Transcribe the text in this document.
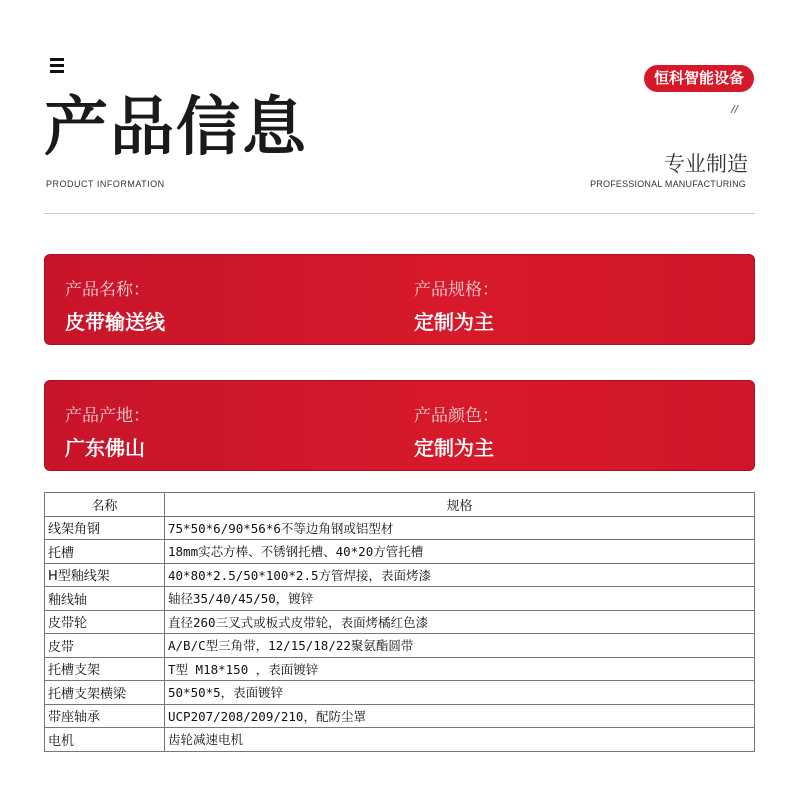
产品信息
PRODUCT INFORMATION
恒科智能设备
//
专业制造
PROFESSIONAL MANUFACTURING
产品名称：
皮带输送线
产品规格：
定制为主
产品产地：
广东佛山
产品颜色：
定制为主
名称	规格
线架角钢	75*50*6/90*56*6不等边角钢或铝型材
托槽	18mm实芯方棒、不锈钢托槽、40*20方管托槽
H型釉线架	40*80*2.5/50*100*2.5方管焊接，表面烤漆
釉线轴	轴径35/40/45/50，镀锌
皮带轮	直径260三叉式或板式皮带轮，表面烤橘红色漆
皮带	A/B/C型三角带，12/15/18/22聚氨酯圆带
托槽支架	T型 M18*150 ，表面镀锌
托槽支架横梁	50*50*5，表面镀锌
带座轴承	UCP207/208/209/210，配防尘罩
电机	齿轮减速电机
